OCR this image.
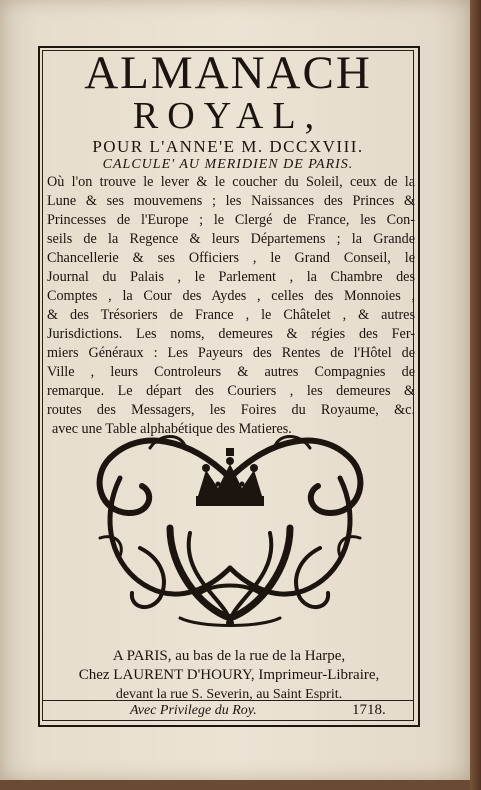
ALMANACH
ROYAL,
POUR L'ANNE'E M. DCCXVIII.
CALCULE' AU MERIDIEN DE PARIS.
Où l'on trouve le lever & le coucher du Soleil, ceux de la
Lune & ses mouvemens ; les Naissances des Princes &
Princesses de l'Europe ; le Clergé de France, les Con-
seils de la Regence & leurs Départemens ; la Grande
Chancellerie & ses Officiers , le Grand Conseil, le
Journal du Palais , le Parlement , la Chambre des
Comptes , la Cour des Aydes , celles des Monnoies ,
& des Trésoriers de France , le Châtelet , & autres
Jurisdictions. Les noms, demeures & régies des Fer-
miers Généraux : Les Payeurs des Rentes de l'Hôtel de
Ville , leurs Controleurs & autres Compagnies de
remarque. Le départ des Couriers , les demeures &
routes des Messagers, les Foires du Royaume, &c.
avec une Table alphabétique des Matieres.
A PARIS, au bas de la rue de la Harpe,
Chez LAURENT D'HOURY, Imprimeur-Libraire,
devant la rue S. Severin, au Saint Esprit.
Avec Privilege du Roy.	1718.
